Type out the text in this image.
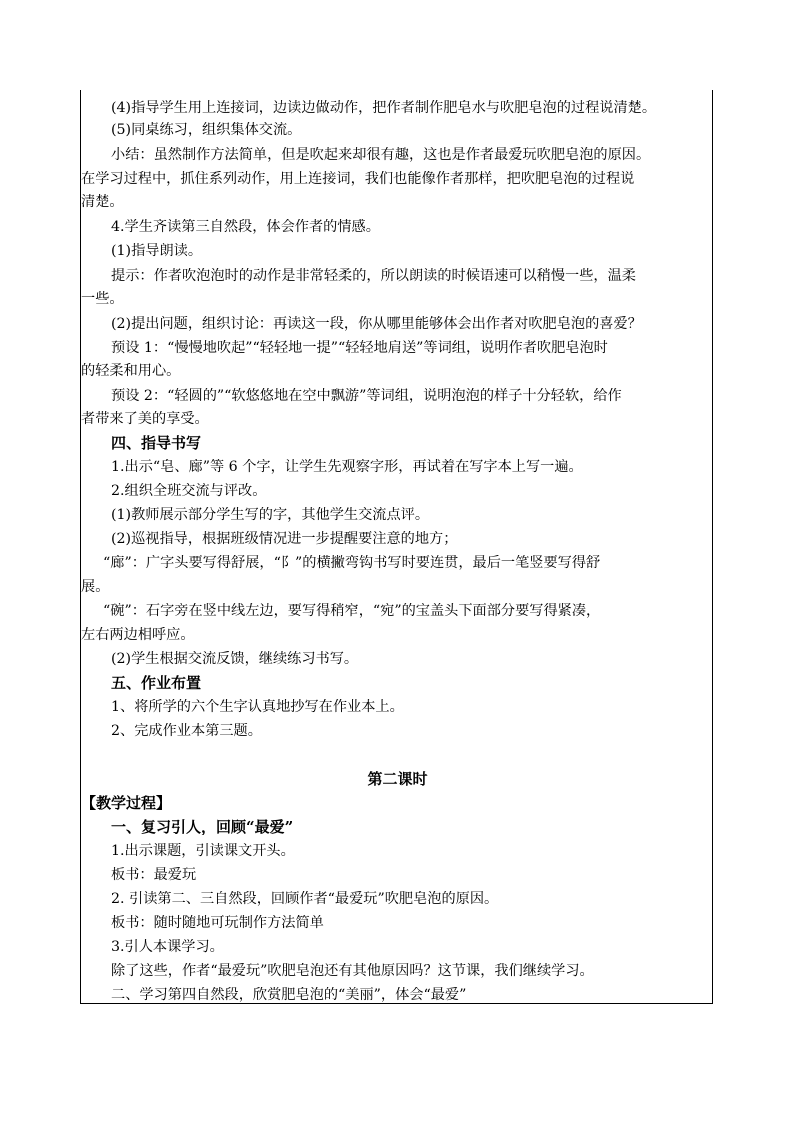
(4)指导学生用上连接词，边读边做动作，把作者制作肥皂水与吹肥皂泡的过程说清楚。
(5)同桌练习，组织集体交流。
小结：虽然制作方法简单，但是吹起来却很有趣，这也是作者最爱玩吹肥皂泡的原因。
在学习过程中，抓住系列动作，用上连接词，我们也能像作者那样，把吹肥皂泡的过程说
清楚。
4.学生齐读第三自然段，体会作者的情感。
(1)指导朗读。
提示：作者吹泡泡时的动作是非常轻柔的，所以朗读的时候语速可以稍慢一些，温柔
一些。
(2)提出问题，组织讨论：再读这一段，你从哪里能够体会出作者对吹肥皂泡的喜爱？
预设 1：“慢慢地吹起”“轻轻地一提”“轻轻地肩送”等词组，说明作者吹肥皂泡时
的轻柔和用心。
预设 2：“轻圆的”“软悠悠地在空中飘游”等词组，说明泡泡的样子十分轻软，给作
者带来了美的享受。
四、指导书写
1.出示“皂、廊”等 6 个字，让学生先观察字形，再试着在写字本上写一遍。
2.组织全班交流与评改。
(1)教师展示部分学生写的字，其他学生交流点评。
(2)巡视指导，根据班级情况进一步提醒要注意的地方；
“廊”：广字头要写得舒展，“阝”的横撇弯钩书写时要连贯，最后一笔竖要写得舒
展。
“碗”：石字旁在竖中线左边，要写得稍窄，“宛”的宝盖头下面部分要写得紧凑，
左右两边相呼应。
(2)学生根据交流反馈，继续练习书写。
五、作业布置
1、将所学的六个生字认真地抄写在作业本上。
2、完成作业本第三题。
第二课时
【教学过程】
一、复习引人，回顾“最爱”
1.出示课题，引读课文开头。
板书：最爱玩
2. 引读第二、三自然段，回顾作者“最爱玩”吹肥皂泡的原因。
板书：随时随地可玩制作方法简单
3.引人本课学习。
除了这些，作者“最爱玩”吹肥皂泡还有其他原因吗？这节课，我们继续学习。
二、学习第四自然段，欣赏肥皂泡的“美丽”，体会“最爱”
